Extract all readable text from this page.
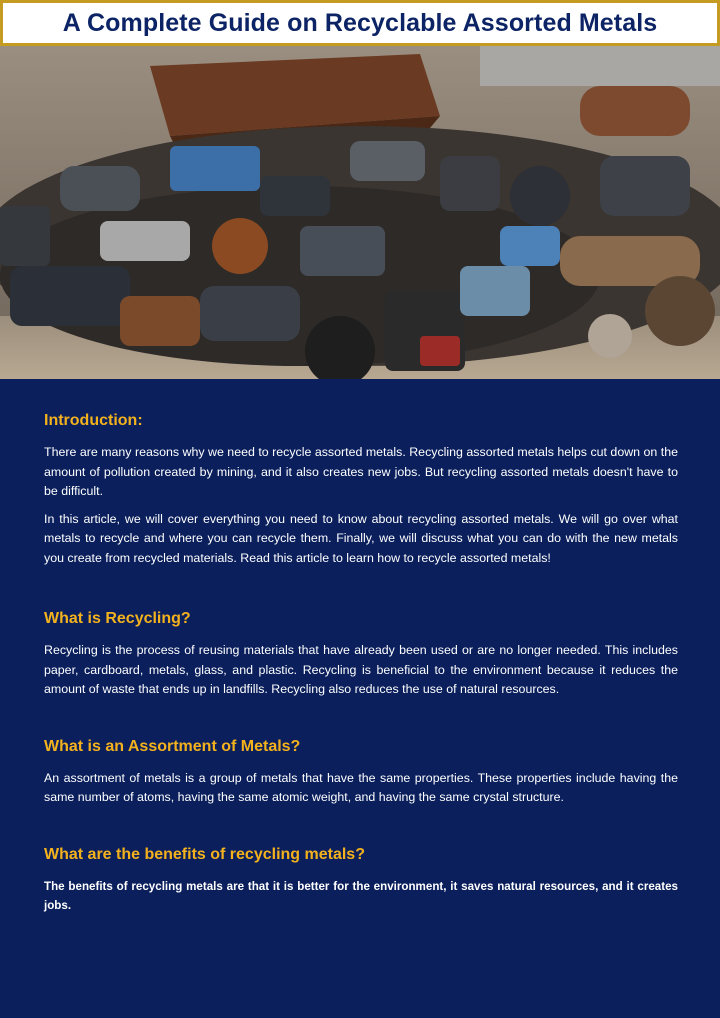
A Complete Guide on Recyclable Assorted Metals
Introduction:

There are many reasons why we need to recycle assorted metals. Recycling assorted metals helps cut down on the amount of pollution created by mining, and it also creates new jobs. But recycling assorted metals doesn't have to be difficult.

In this article, we will cover everything you need to know about recycling assorted metals. We will go over what metals to recycle and where you can recycle them. Finally, we will discuss what you can do with the new metals you create from recycled materials. Read this article to learn how to recycle assorted metals!

What is Recycling?

Recycling is the process of reusing materials that have already been used or are no longer needed. This includes paper, cardboard, metals, glass, and plastic. Recycling is beneficial to the environment because it reduces the amount of waste that ends up in landfills. Recycling also reduces the use of natural resources.

What is an Assortment of Metals?

An assortment of metals is a group of metals that have the same properties. These properties include having the same number of atoms, having the same atomic weight, and having the same crystal structure.

What are the benefits of recycling metals?

The benefits of recycling metals are that it is better for the environment, it saves natural resources, and it creates jobs.
